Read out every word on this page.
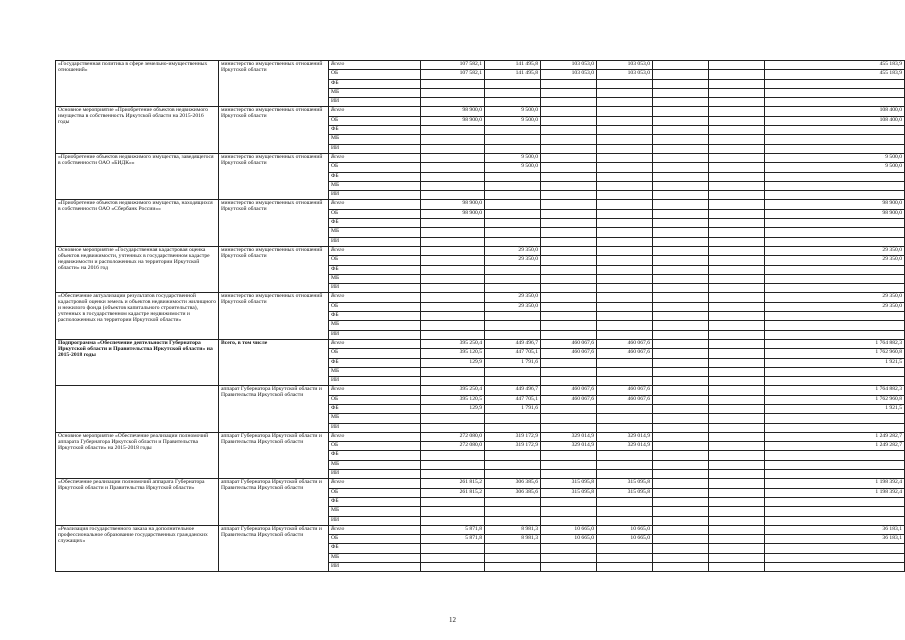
«Государственная политика в сфере земельно-имущественных отношений»	министерство имущественных отношений Иркутской области	Всего	107 582,1	141 495,8	103 053,0	103 053,0			455 183,9
		ОБ	107 582,1	141 495,8	103 053,0	103 053,0			455 183,9
		ФБ							
		МБ							
		ИИ							
Основное мероприятие «Приобретение объектов недвижимого имущества в собственность Иркутской области на 2015-2016 годы	министерство имущественных отношений Иркутской области	Всего	98 900,0	9 500,0					108 400,0
		ОБ	98 900,0	9 500,0					108 400,0
		ФБ							
		МБ							
		ИИ							
«Приобретение объектов недвижимого имущества, заведящегося в собственности ОАО «БИДК»»	министерство имущественных отношений Иркутской области	Всего		9 500,0					9 500,0
		ОБ		9 500,0					9 500,0
		ФБ							
		МБ							
		ИИ							
«Приобретение объектов недвижимого имущества, находящихся в собственности ОАО «Сбербанк России»»	министерство имущественных отношений Иркутской области	Всего	98 900,0						98 900,0
		ОБ	98 900,0						98 900,0
		ФБ							
		МБ							
		ИИ							
Основное мероприятие «Государственная кадастровая оценка объектов недвижимости, учтенных в государственном кадастре недвижимости и расположенных на территории Иркутской области» на 2016 год	министерство имущественных отношений Иркутской области	Всего		29 350,0					29 350,0
		ОБ		29 350,0					29 350,0
		ФБ							
		МБ							
		ИИ							
«Обеспечение актуализации результатов государственной кадастровой оценки земель и объектов недвижимости жилищного и нежилого фонда (объектов капитального строительства), учтенных в государственном кадастре недвижимости и расположенных на территории Иркутской области»	министерство имущественных отношений Иркутской области	Всего		29 350,0					29 350,0
		ОБ		29 350,0					29 350,0
		ФБ							
		МБ							
		ИИ							
Подпрограмма «Обеспечение деятельности Губернатора Иркутской области и Правительства Иркутской области» на 2015-2018 годы	Всего, в том числе	Всего	395 250,4	449 496,7	460 067,6	460 067,6			1 764 882,3
		ОБ	395 120,5	447 705,1	460 067,6	460 067,6			1 762 960,8
		ФБ	129,9	1 791,6					1 921,5
		МБ							
		ИИ							
	аппарат Губернатора Иркутской области и Правительства Иркутской области	Всего	395 250,4	449 496,7	460 067,6	460 067,6			1 764 882,3
		ОБ	395 120,5	447 705,1	460 067,6	460 067,6			1 762 960,8
		ФБ	129,9	1 791,6					1 921,5
		МБ							
		ИИ							
Основное мероприятие «Обеспечение реализации полномочий аппарата Губернатора Иркутской области и Правительства Иркутской области» на 2015-2018 годы	аппарат Губернатора Иркутской области и Правительства Иркутской области	Всего	272 080,0	319 172,9	329 014,9	329 014,9			1 249 282,7
		ОБ	272 080,0	319 172,9	329 014,9	329 014,9			1 249 282,7
		ФБ							
		МБ							
		ИИ							
«Обеспечение реализации полномочий аппарата Губернатора Иркутской области и Правительства Иркутской области»	аппарат Губернатора Иркутской области и Правительства Иркутской области	Всего	261 815,2	306 385,6	315 095,8	315 095,8			1 198 392,4
		ОБ	261 815,2	306 385,6	315 095,8	315 095,8			1 198 392,4
		ФБ							
		МБ							
		ИИ							
«Реализация государственного заказа на дополнительное профессиональное образование государственных гражданских служащих»	аппарат Губернатора Иркутской области и Правительства Иркутской области	Всего	5 871,8	8 981,3	10 665,0	10 665,0			36 183,1
		ОБ	5 871,8	8 981,3	10 665,0	10 665,0			36 183,1
		ФБ							
		МБ							
		ИИ							
12
